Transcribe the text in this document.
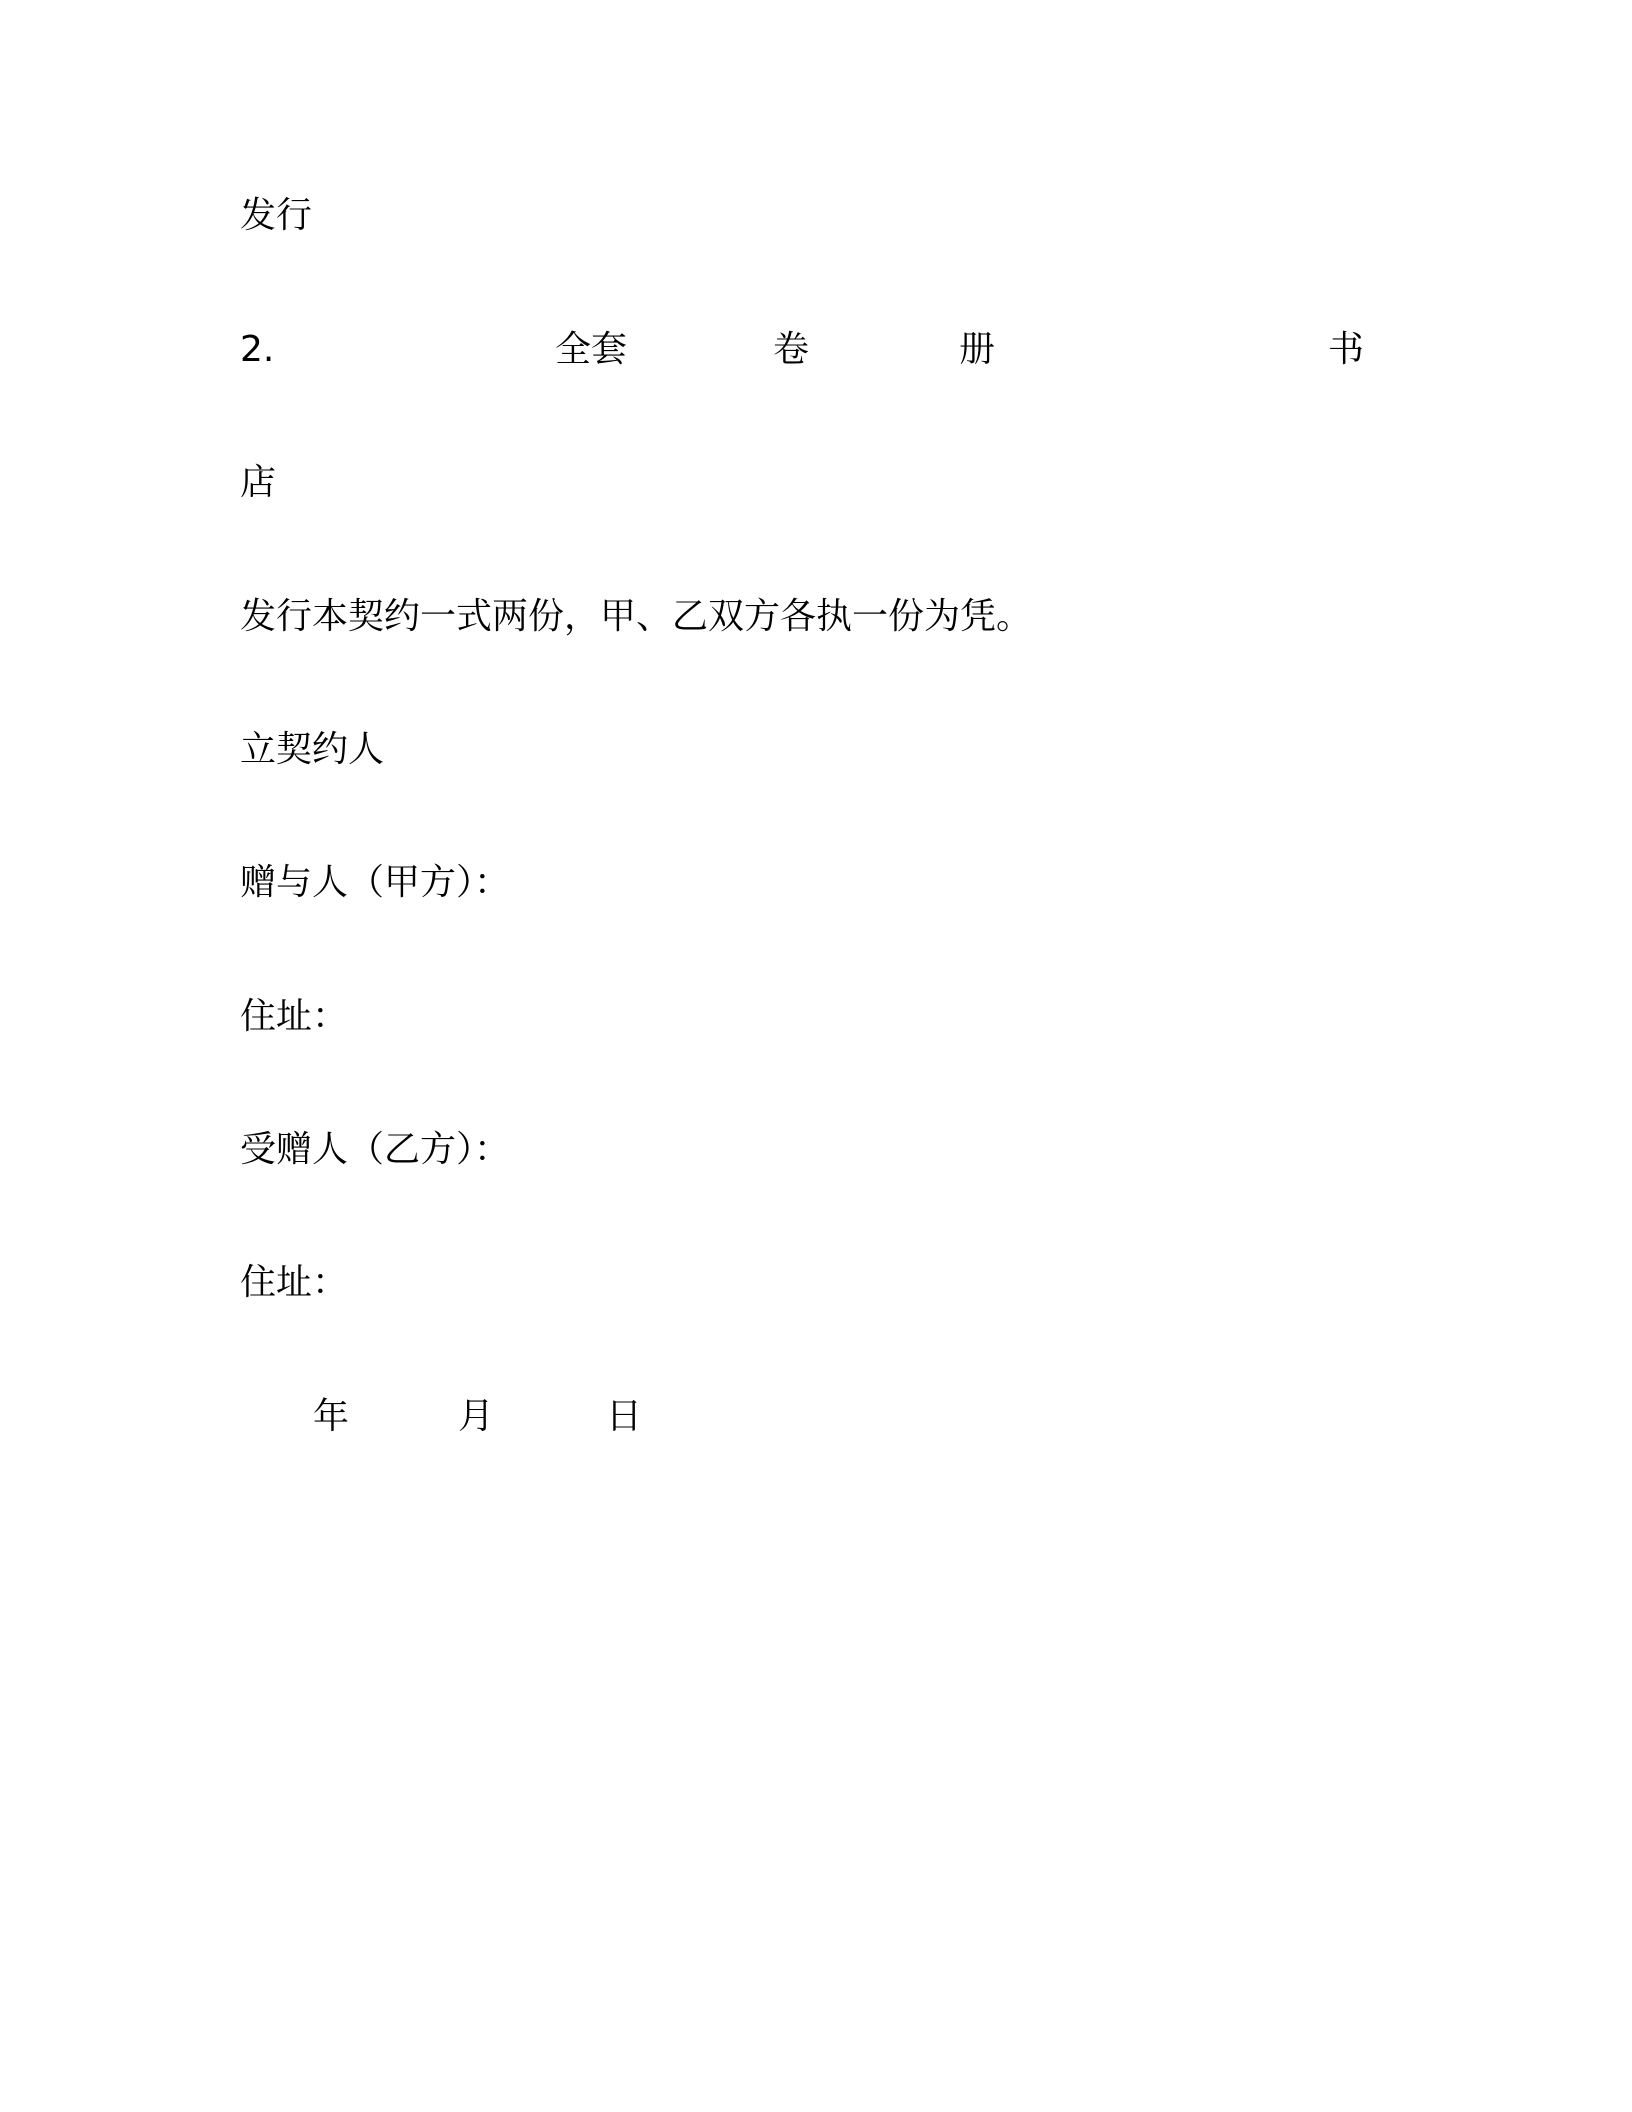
发行
2.	全套	卷	册	书
店
发行本契约一式两份，甲、乙双方各执一份为凭。
立契约人
赠与人（甲方）：
住址：
受赠人（乙方）：
住址：
年	月	日
